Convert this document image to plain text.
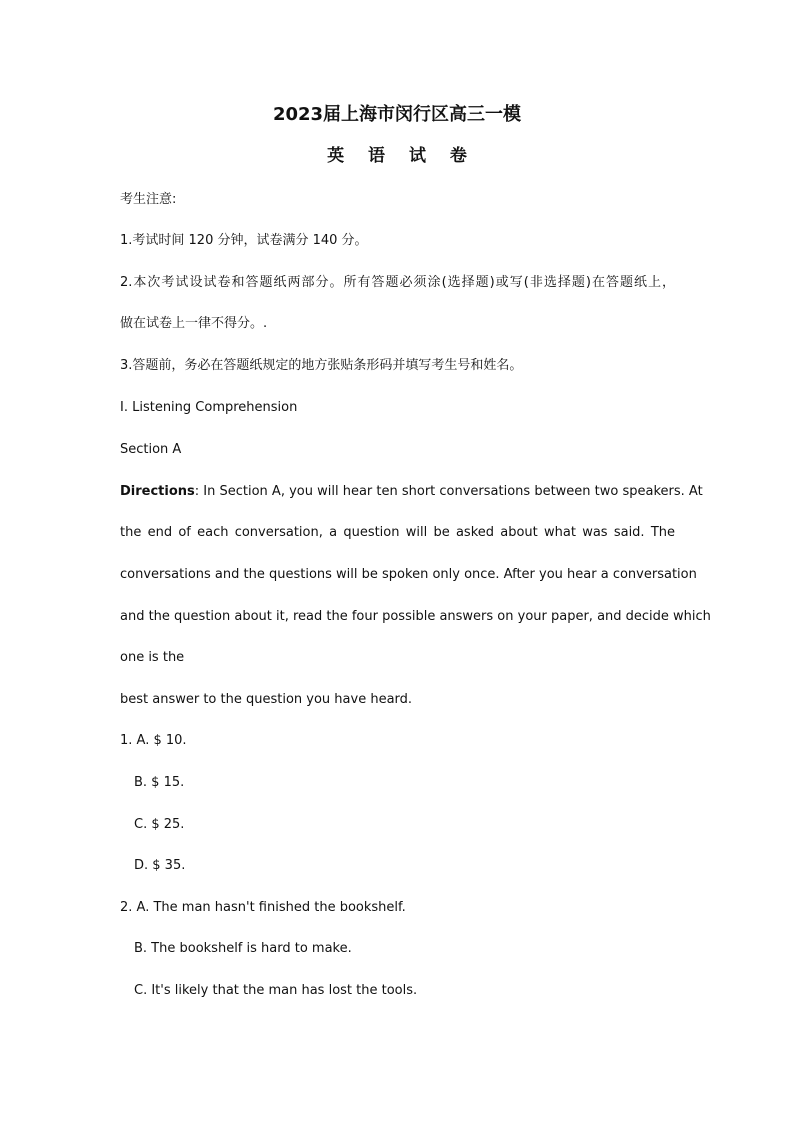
2023届上海市闵行区高三一模
英 语 试 卷
考生注意:
1.考试时间 120 分钟，试卷满分 140 分。
2.本次考试设试卷和答题纸两部分。所有答题必须涂(选择题)或写(非选择题)在答题纸上，
做在试卷上一律不得分。.
3.答题前，务必在答题纸规定的地方张贴条形码并填写考生号和姓名。
I. Listening Comprehension
Section A
Directions: In Section A, you will hear ten short conversations between two speakers. At
the end of each conversation, a question will be asked about what was said. The
conversations and the questions will be spoken only once. After you hear a conversation
and the question about it, read the four possible answers on your paper, and decide which
one is the
best answer to the question you have heard.
1. A. $ 10.
B. $ 15.
C. $ 25.
D. $ 35.
2. A. The man hasn't finished the bookshelf.
B. The bookshelf is hard to make.
C. It's likely that the man has lost the tools.
